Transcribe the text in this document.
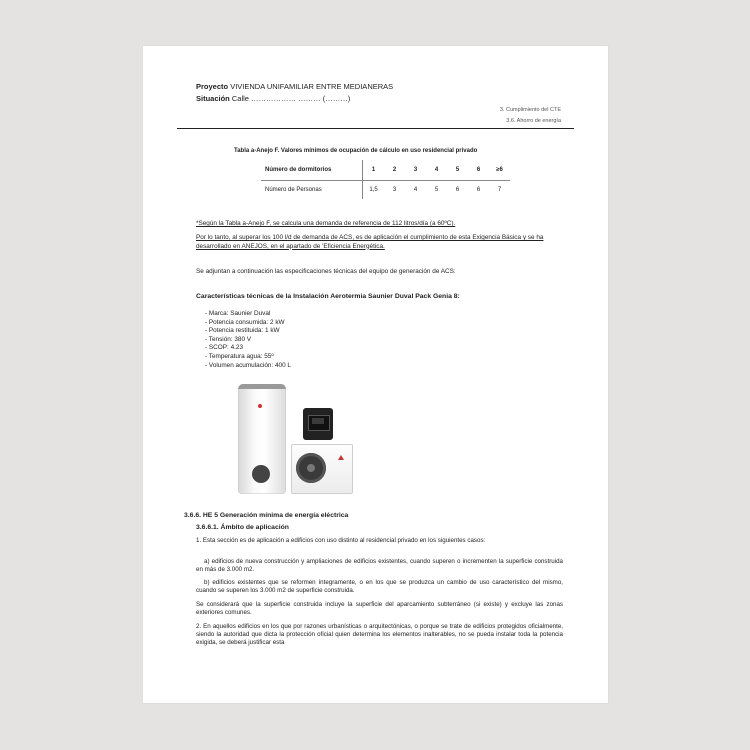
Proyecto VIVIENDA UNIFAMILIAR ENTRE MEDIANERAS
Situación Calle ……………… ……… (………)
3. Cumplimiento del CTE
3.6. Ahorro de energía
Tabla a-Anejo F. Valores mínimos de ocupación de cálculo en uso residencial privado
Número de dormitorios	1	2	3	4	5	6	≥6
Número de Personas	1,5	3	4	5	6	6	7
*Según la Tabla a-Anejo F, se calcula una demanda de referencia de 112 litros/día (a 60ºC).
Por lo tanto, al superar los 100 l/d de demanda de ACS, es de aplicación el cumplimiento de esta Exigencia Básica y se ha desarrollado en ANEJOS, en el apartado de 'Eficiencia Energética.
Se adjuntan a continuación las especificaciones técnicas del equipo de generación de ACS:
Características técnicas de la Instalación Aerotermia Saunier Duval Pack Genia 8:
- Marca: Saunier Duval
- Potencia consumida: 2 kW
- Potencia restituida: 1 kW
- Tensión: 380 V
- SCOP: 4.23
- Temperatura agua: 55º
- Volumen acumulación: 400 L
3.6.6. HE 5 Generación mínima de energía eléctrica
3.6.6.1. Ámbito de aplicación
1. Esta sección es de aplicación a edificios con uso distinto al residencial privado en los siguientes casos:
a) edificios de nueva construcción y ampliaciones de edificios existentes, cuando superen o incrementen la superficie construida en más de 3.000 m2.
b) edificios existentes que se reformen íntegramente, o en los que se produzca un cambio de uso característico del mismo, cuando se superen los 3.000 m2 de superficie construida.
Se considerará que la superficie construida incluye la superficie del aparcamiento subterráneo (si existe) y excluye las zonas exteriores comunes.
2. En aquellos edificios en los que por razones urbanísticas o arquitectónicas, o porque se trate de edificios protegidos oficialmente, siendo la autoridad que dicta la protección oficial quien determina los elementos inalterables, no se pueda instalar toda la potencia exigida, se deberá justificar esta
